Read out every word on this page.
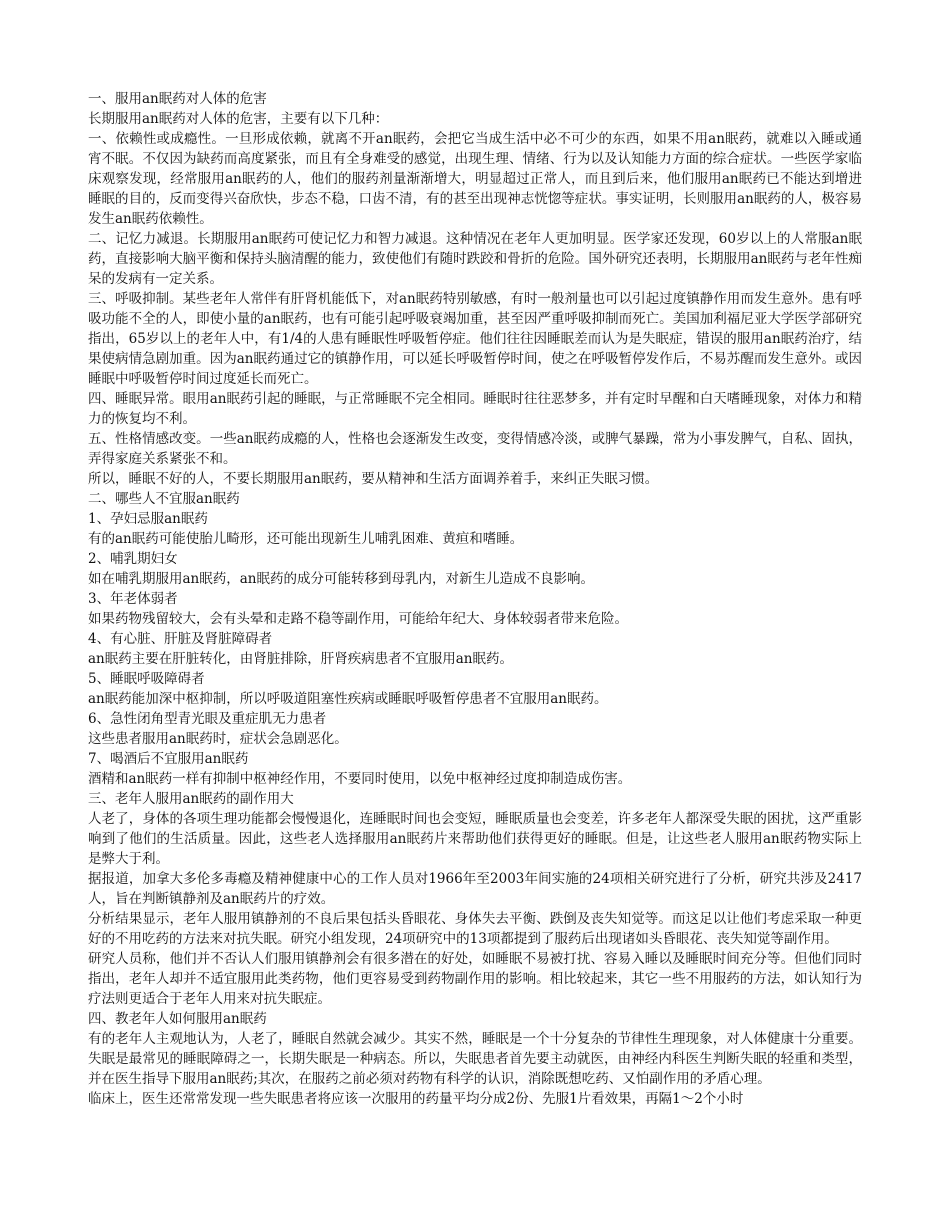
一、服用an眠药对人体的危害

长期服用an眠药对人体的危害，主要有以下几种：

一、依赖性或成瘾性。一旦形成依赖，就离不开an眠药，会把它当成生活中必不可少的东西，如果不用an眠药，就难以入睡或通宵不眠。不仅因为缺药而高度紧张，而且有全身难受的感觉，出现生理、情绪、行为以及认知能力方面的综合症状。一些医学家临床观察发现，经常服用an眠药的人，他们的服药剂量渐渐增大，明显超过正常人，而且到后来，他们服用an眠药已不能达到增进睡眠的目的，反而变得兴奋欣快，步态不稳，口齿不清，有的甚至出现神志恍惚等症状。事实证明，长则服用an眠药的人，极容易发生an眠药依赖性。

二、记忆力减退。长期服用an眠药可使记忆力和智力减退。这种情况在老年人更加明显。医学家还发现，60岁以上的人常服an眠药，直接影响大脑平衡和保持头脑清醒的能力，致使他们有随时跌跤和骨折的危险。国外研究还表明，长期服用an眠药与老年性痴呆的发病有一定关系。

三、呼吸抑制。某些老年人常伴有肝肾机能低下，对an眠药特别敏感，有时一般剂量也可以引起过度镇静作用而发生意外。患有呼吸功能不全的人，即使小量的an眠药，也有可能引起呼吸衰竭加重，甚至因严重呼吸抑制而死亡。美国加利福尼亚大学医学部研究指出，65岁以上的老年人中，有1/4的人患有睡眠性呼吸暂停症。他们往往因睡眠差而认为是失眠症，错误的服用an眠药治疗，结果使病情急剧加重。因为an眠药通过它的镇静作用，可以延长呼吸暂停时间，使之在呼吸暂停发作后，不易苏醒而发生意外。或因睡眠中呼吸暂停时间过度延长而死亡。

四、睡眠异常。眼用an眠药引起的睡眠，与正常睡眠不完全相同。睡眠时往往恶梦多，并有定时早醒和白天嗜睡现象，对体力和精力的恢复均不利。

五、性格情感改变。一些an眠药成瘾的人，性格也会逐渐发生改变，变得情感冷淡，或脾气暴躁，常为小事发脾气，自私、固执，弄得家庭关系紧张不和。

所以，睡眠不好的人，不要长期服用an眠药，要从精神和生活方面调养着手，来纠正失眠习惯。

二、哪些人不宜服an眠药

1、孕妇忌服an眠药

有的an眠药可能使胎儿畸形，还可能出现新生儿哺乳困难、黄疸和嗜睡。

2、哺乳期妇女

如在哺乳期服用an眠药，an眠药的成分可能转移到母乳内，对新生儿造成不良影响。

3、年老体弱者

如果药物残留较大，会有头晕和走路不稳等副作用，可能给年纪大、身体较弱者带来危险。

4、有心脏、肝脏及肾脏障碍者

an眠药主要在肝脏转化，由肾脏排除，肝肾疾病患者不宜服用an眠药。

5、睡眠呼吸障碍者

an眠药能加深中枢抑制，所以呼吸道阻塞性疾病或睡眠呼吸暂停患者不宜服用an眠药。

6、急性闭角型青光眼及重症肌无力患者

这些患者服用an眠药时，症状会急剧恶化。

7、喝酒后不宜服用an眠药

酒精和an眠药一样有抑制中枢神经作用，不要同时使用，以免中枢神经过度抑制造成伤害。

三、老年人服用an眠药的副作用大

人老了，身体的各项生理功能都会慢慢退化，连睡眠时间也会变短，睡眠质量也会变差，许多老年人都深受失眠的困扰，这严重影响到了他们的生活质量。因此，这些老人选择服用an眠药片来帮助他们获得更好的睡眠。但是，让这些老人服用an眠药物实际上是弊大于利。

据报道，加拿大多伦多毒瘾及精神健康中心的工作人员对1966年至2003年间实施的24项相关研究进行了分析，研究共涉及2417人，旨在判断镇静剂及an眠药片的疗效。

分析结果显示，老年人服用镇静剂的不良后果包括头昏眼花、身体失去平衡、跌倒及丧失知觉等。而这足以让他们考虑采取一种更好的不用吃药的方法来对抗失眠。研究小组发现，24项研究中的13项都提到了服药后出现诸如头昏眼花、丧失知觉等副作用。

研究人员称，他们并不否认人们服用镇静剂会有很多潜在的好处，如睡眠不易被打扰、容易入睡以及睡眠时间充分等。但他们同时指出，老年人却并不适宜服用此类药物，他们更容易受到药物副作用的影响。相比较起来，其它一些不用服药的方法，如认知行为疗法则更适合于老年人用来对抗失眠症。

四、教老年人如何服用an眠药

有的老年人主观地认为，人老了，睡眠自然就会减少。其实不然，睡眠是一个十分复杂的节律性生理现象，对人体健康十分重要。失眠是最常见的睡眠障碍之一，长期失眠是一种病态。所以，失眠患者首先要主动就医，由神经内科医生判断失眠的轻重和类型，并在医生指导下服用an眠药;其次，在服药之前必须对药物有科学的认识，消除既想吃药、又怕副作用的矛盾心理。

临床上，医生还常常发现一些失眠患者将应该一次服用的药量平均分成2份、先服1片看效果，再隔1～2个小时
